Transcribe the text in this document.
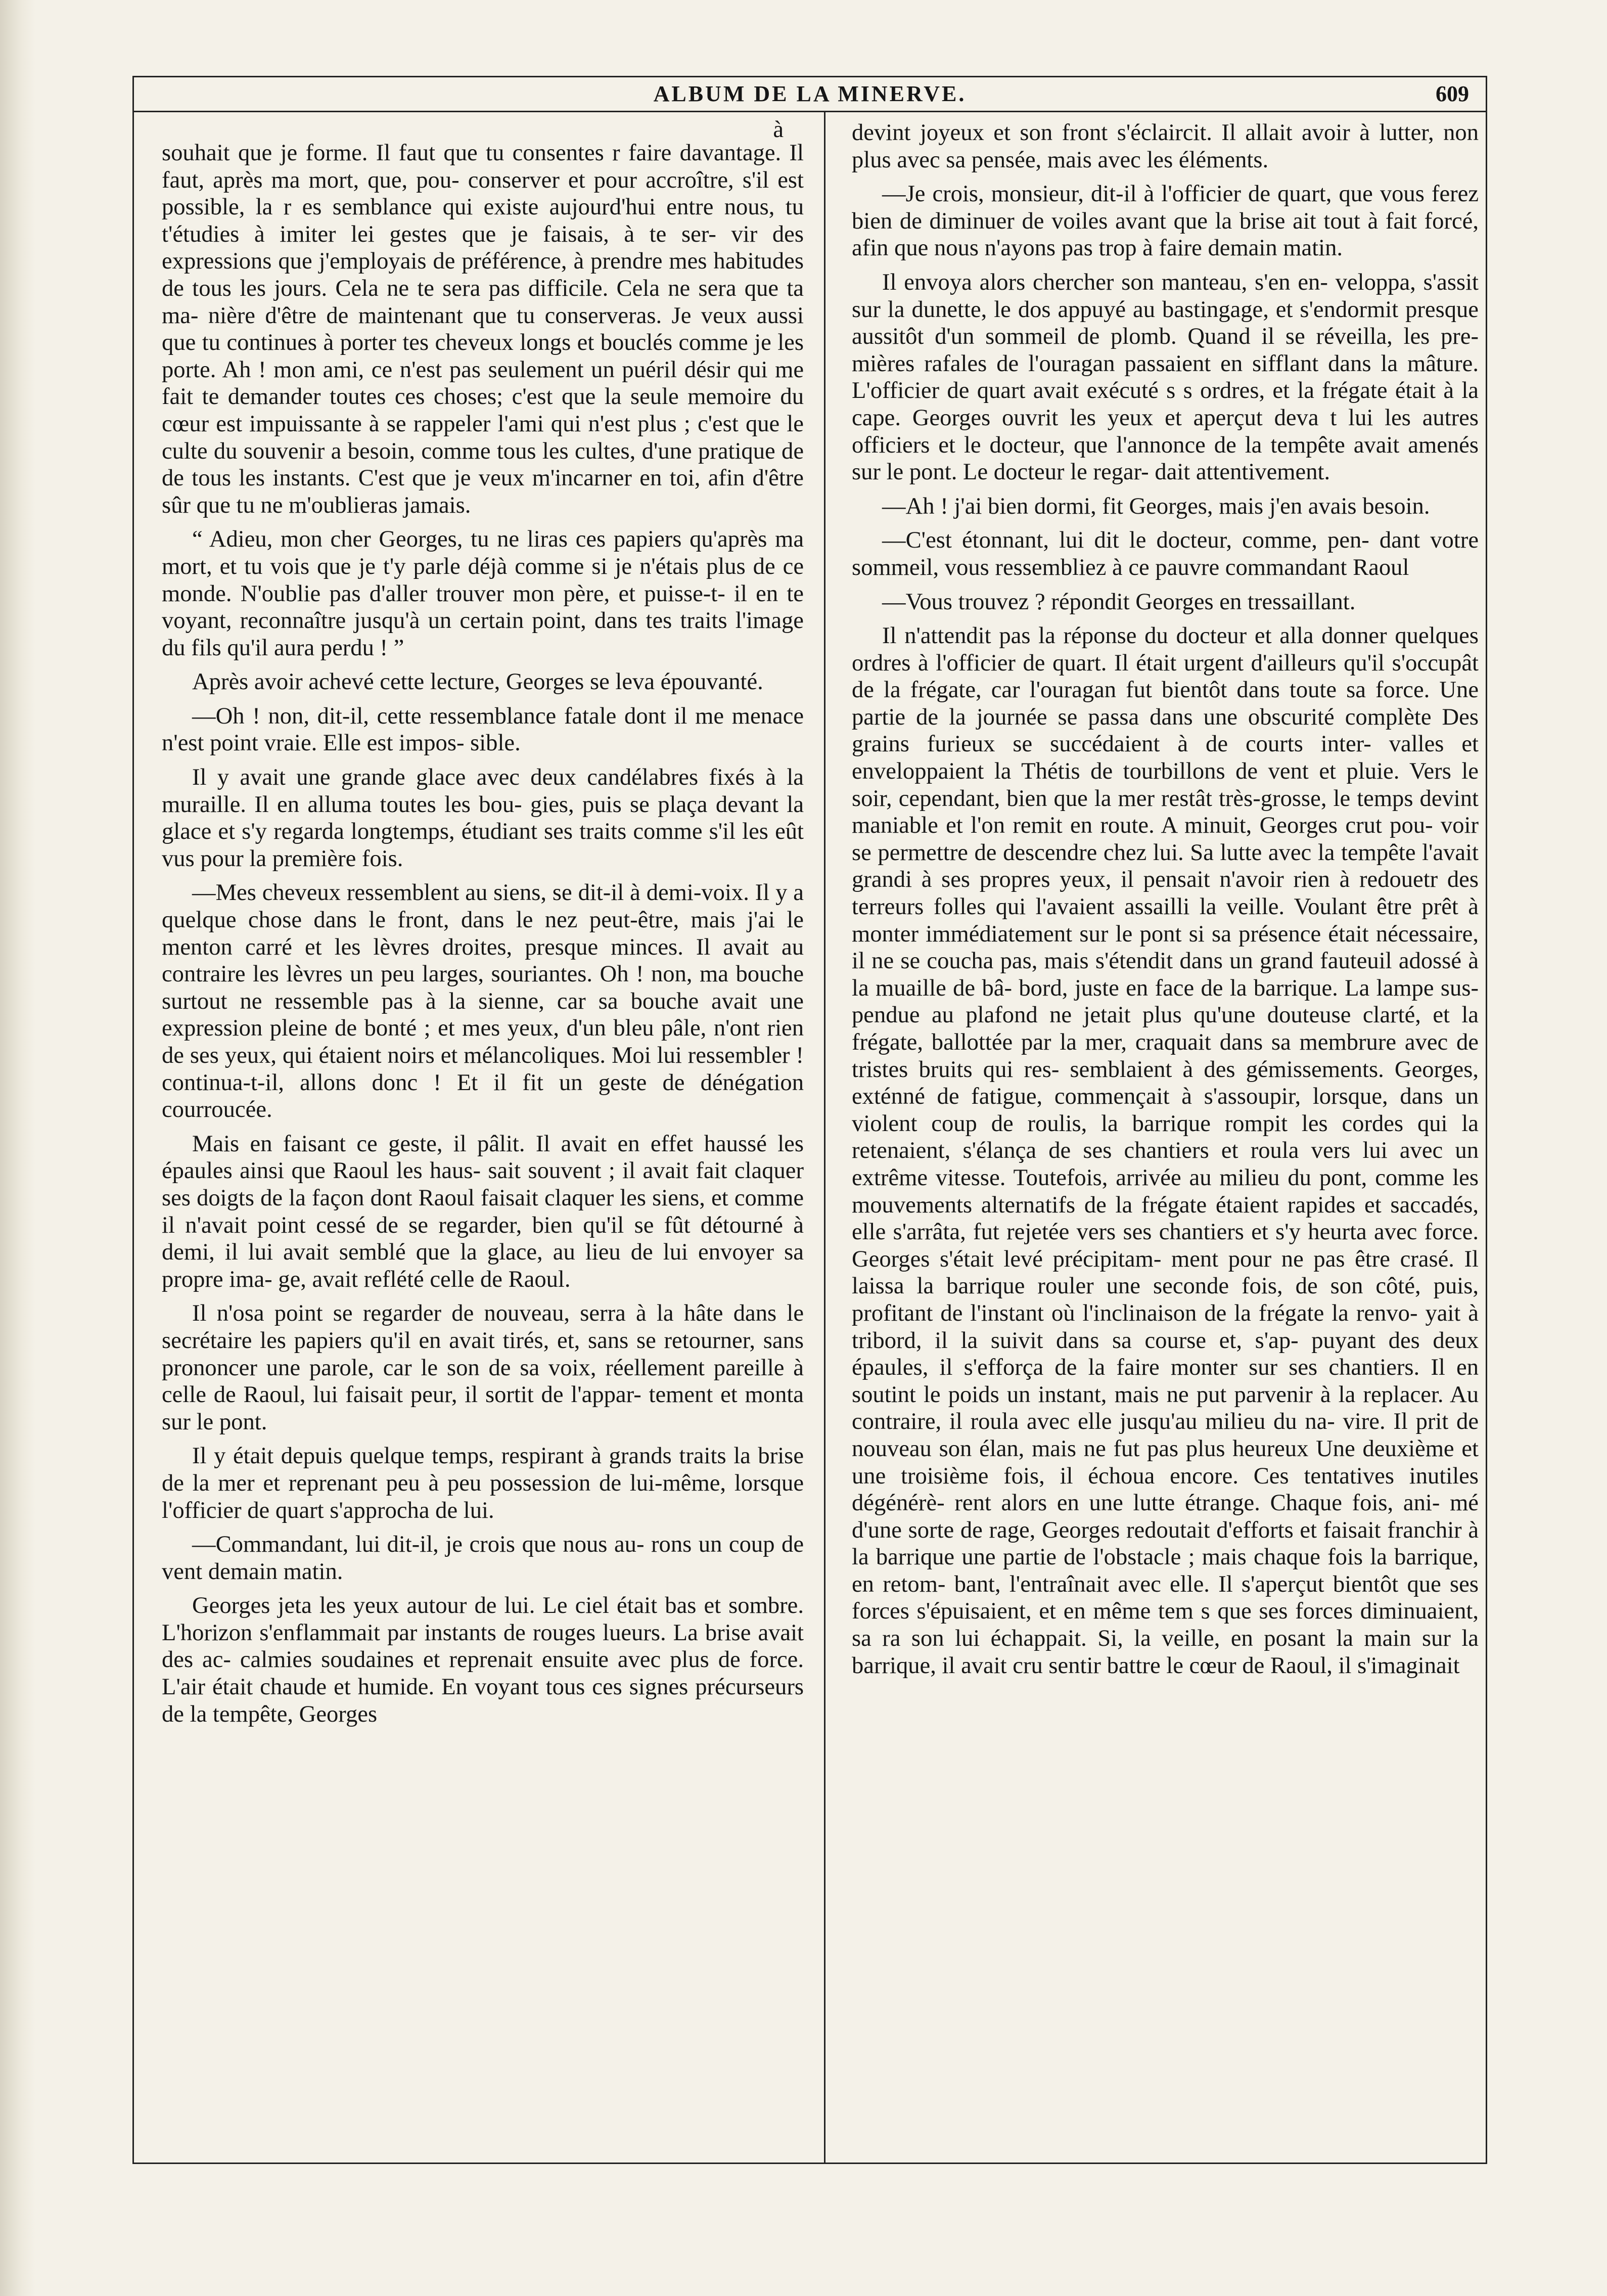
ALBUM DE LA MINERVE.	609
à

souhait que je forme. Il faut que tu consentes r faire davantage. Il faut, après ma mort, que, pou- conserver et pour accroître, s'il est possible, la r es semblance qui existe aujourd'hui entre nous, tu t'étudies à imiter lei gestes que je faisais, à te ser- vir des expressions que j'employais de préférence, à prendre mes habitudes de tous les jours. Cela ne te sera pas difficile. Cela ne sera que ta ma- nière d'être de maintenant que tu conserveras. Je veux aussi que tu continues à porter tes cheveux longs et bouclés comme je les porte. Ah ! mon ami, ce n'est pas seulement un puéril désir qui me fait te demander toutes ces choses; c'est que la seule memoire du cœur est impuissante à se rappeler l'ami qui n'est plus ; c'est que le culte du souvenir a besoin, comme tous les cultes, d'une pratique de de tous les instants. C'est que je veux m'incarner en toi, afin d'être sûr que tu ne m'oublieras jamais.

“ Adieu, mon cher Georges, tu ne liras ces papiers qu'après ma mort, et tu vois que je t'y parle déjà comme si je n'étais plus de ce monde. N'oublie pas d'aller trouver mon père, et puisse-t- il en te voyant, reconnaître jusqu'à un certain point, dans tes traits l'image du fils qu'il aura perdu ! ”

Après avoir achevé cette lecture, Georges se leva épouvanté.

—Oh ! non, dit-il, cette ressemblance fatale dont il me menace n'est point vraie. Elle est impos- sible.

Il y avait une grande glace avec deux candélabres fixés à la muraille. Il en alluma toutes les bou- gies, puis se plaça devant la glace et s'y regarda longtemps, étudiant ses traits comme s'il les eût vus pour la première fois.

—Mes cheveux ressemblent au siens, se dit-il à demi-voix. Il y a quelque chose dans le front, dans le nez peut-être, mais j'ai le menton carré et les lèvres droites, presque minces. Il avait au contraire les lèvres un peu larges, souriantes. Oh ! non, ma bouche surtout ne ressemble pas à la sienne, car sa bouche avait une expression pleine de bonté ; et mes yeux, d'un bleu pâle, n'ont rien de ses yeux, qui étaient noirs et mélancoliques. Moi lui ressembler ! continua-t-il, allons donc ! Et il fit un geste de dénégation courroucée.

Mais en faisant ce geste, il pâlit. Il avait en effet haussé les épaules ainsi que Raoul les haus- sait souvent ; il avait fait claquer ses doigts de la façon dont Raoul faisait claquer les siens, et comme il n'avait point cessé de se regarder, bien qu'il se fût détourné à demi, il lui avait semblé que la glace, au lieu de lui envoyer sa propre ima- ge, avait reflété celle de Raoul.

Il n'osa point se regarder de nouveau, serra à la hâte dans le secrétaire les papiers qu'il en avait tirés, et, sans se retourner, sans prononcer une parole, car le son de sa voix, réellement pareille à celle de Raoul, lui faisait peur, il sortit de l'appar- tement et monta sur le pont.

Il y était depuis quelque temps, respirant à grands traits la brise de la mer et reprenant peu à peu possession de lui-même, lorsque l'officier de quart s'approcha de lui.

—Commandant, lui dit-il, je crois que nous au- rons un coup de vent demain matin.

Georges jeta les yeux autour de lui. Le ciel était bas et sombre. L'horizon s'enflammait par instants de rouges lueurs. La brise avait des ac- calmies soudaines et reprenait ensuite avec plus de force. L'air était chaude et humide. En voyant tous ces signes précurseurs de la tempête, Georges

devint joyeux et son front s'éclaircit. Il allait avoir à lutter, non plus avec sa pensée, mais avec les éléments.

—Je crois, monsieur, dit-il à l'officier de quart, que vous ferez bien de diminuer de voiles avant que la brise ait tout à fait forcé, afin que nous n'ayons pas trop à faire demain matin.

Il envoya alors chercher son manteau, s'en en- veloppa, s'assit sur la dunette, le dos appuyé au bastingage, et s'endormit presque aussitôt d'un sommeil de plomb. Quand il se réveilla, les pre- mières rafales de l'ouragan passaient en sifflant dans la mâture. L'officier de quart avait exécuté s s ordres, et la frégate était à la cape. Georges ouvrit les yeux et aperçut deva t lui les autres officiers et le docteur, que l'annonce de la tempête avait amenés sur le pont. Le docteur le regar- dait attentivement.

—Ah ! j'ai bien dormi, fit Georges, mais j'en avais besoin.

—C'est étonnant, lui dit le docteur, comme, pen- dant votre sommeil, vous ressembliez à ce pauvre commandant Raoul

—Vous trouvez ? répondit Georges en tressaillant.

Il n'attendit pas la réponse du docteur et alla donner quelques ordres à l'officier de quart. Il était urgent d'ailleurs qu'il s'occupât de la frégate, car l'ouragan fut bientôt dans toute sa force. Une partie de la journée se passa dans une obscurité complète Des grains furieux se succédaient à de courts inter- valles et enveloppaient la Thétis de tourbillons de vent et pluie. Vers le soir, cependant, bien que la mer restât très-grosse, le temps devint maniable et l'on remit en route. A minuit, Georges crut pou- voir se permettre de descendre chez lui. Sa lutte avec la tempête l'avait grandi à ses propres yeux, il pensait n'avoir rien à redouetr des terreurs folles qui l'avaient assailli la veille. Voulant être prêt à monter immédiatement sur le pont si sa présence était nécessaire, il ne se coucha pas, mais s'étendit dans un grand fauteuil adossé à la muaille de bâ- bord, juste en face de la barrique. La lampe sus- pendue au plafond ne jetait plus qu'une douteuse clarté, et la frégate, ballottée par la mer, craquait dans sa membrure avec de tristes bruits qui res- semblaient à des gémissements. Georges, exténné de fatigue, commençait à s'assoupir, lorsque, dans un violent coup de roulis, la barrique rompit les cordes qui la retenaient, s'élança de ses chantiers et roula vers lui avec un extrême vitesse. Toutefois, arrivée au milieu du pont, comme les mouvements alternatifs de la frégate étaient rapides et saccadés, elle s'arrâta, fut rejetée vers ses chantiers et s'y heurta avec force. Georges s'était levé précipitam- ment pour ne pas être crasé. Il laissa la barrique rouler une seconde fois, de son côté, puis, profitant de l'instant où l'inclinaison de la frégate la renvo- yait à tribord, il la suivit dans sa course et, s'ap- puyant des deux épaules, il s'efforça de la faire monter sur ses chantiers. Il en soutint le poids un instant, mais ne put parvenir à la replacer. Au contraire, il roula avec elle jusqu'au milieu du na- vire. Il prit de nouveau son élan, mais ne fut pas plus heureux Une deuxième et une troisième fois, il échoua encore. Ces tentatives inutiles dégénérè- rent alors en une lutte étrange. Chaque fois, ani- mé d'une sorte de rage, Georges redoutait d'efforts et faisait franchir à la barrique une partie de l'obstacle ; mais chaque fois la barrique, en retom- bant, l'entraînait avec elle. Il s'aperçut bientôt que ses forces s'épuisaient, et en même tem s que ses forces diminuaient, sa ra son lui échappait. Si, la veille, en posant la main sur la barrique, il avait cru sentir battre le cœur de Raoul, il s'imaginait
